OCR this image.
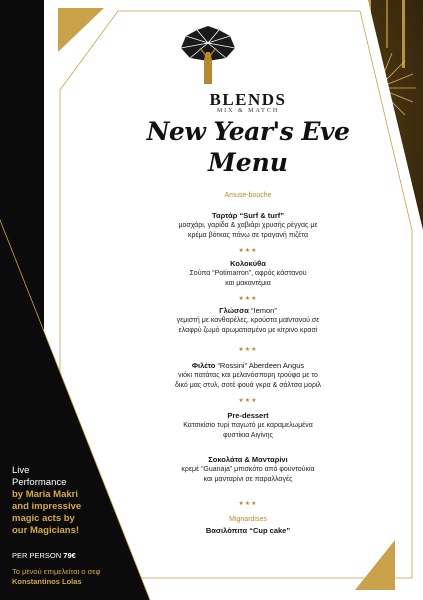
BLENDS
MIX & MATCH
New Year's Eve
Menu
Amuse-bouche
Ταρτάρ “Surf & turf”
μοσχάρι, γαρίδα & χαβιάρι χρυσής ρέγγας με
κρέμα βότκας πάνω σε τραγανή πιζέτα
★★★
Κολοκύθα
Σούπα “Potimarron”, αφρός κάστανου
και μακαντέμια
★★★
Γλώσσα “Iemon”
γεμιστή με κανθαρέλες, κρούστα μαϊντανού σε
ελαφρύ ζωμό αρωματισμένο με κίτρινο κρασί
★★★
Φιλέτο “Rossini” Aberdeen Angus
νιόκι πατάτας και μελανόσπορη τρούφα με το
δικό μας στυλ, σοτέ φουά γκρα & σάλτσα μορίλ
★★★
Pre-dessert
Κατσικίσιο τυρί παγωτό με καραμελωμένα
φυστίκια Αιγίνης
Σοκολάτα & Μανταρίνι
κρεμέ “Guanaja” μπισκότο από φουντούκια
και μανταρίνι σε παραλλαγές
★★★
Mignardises
Βασιλόπιτα “Cup cake”
Live
Performance
by Maria Makri
and impressive
magic acts by
our Magicians!
PER PERSON 79€
Το μενού επιμελείται ο σεφ
Konstantinos Lolas
